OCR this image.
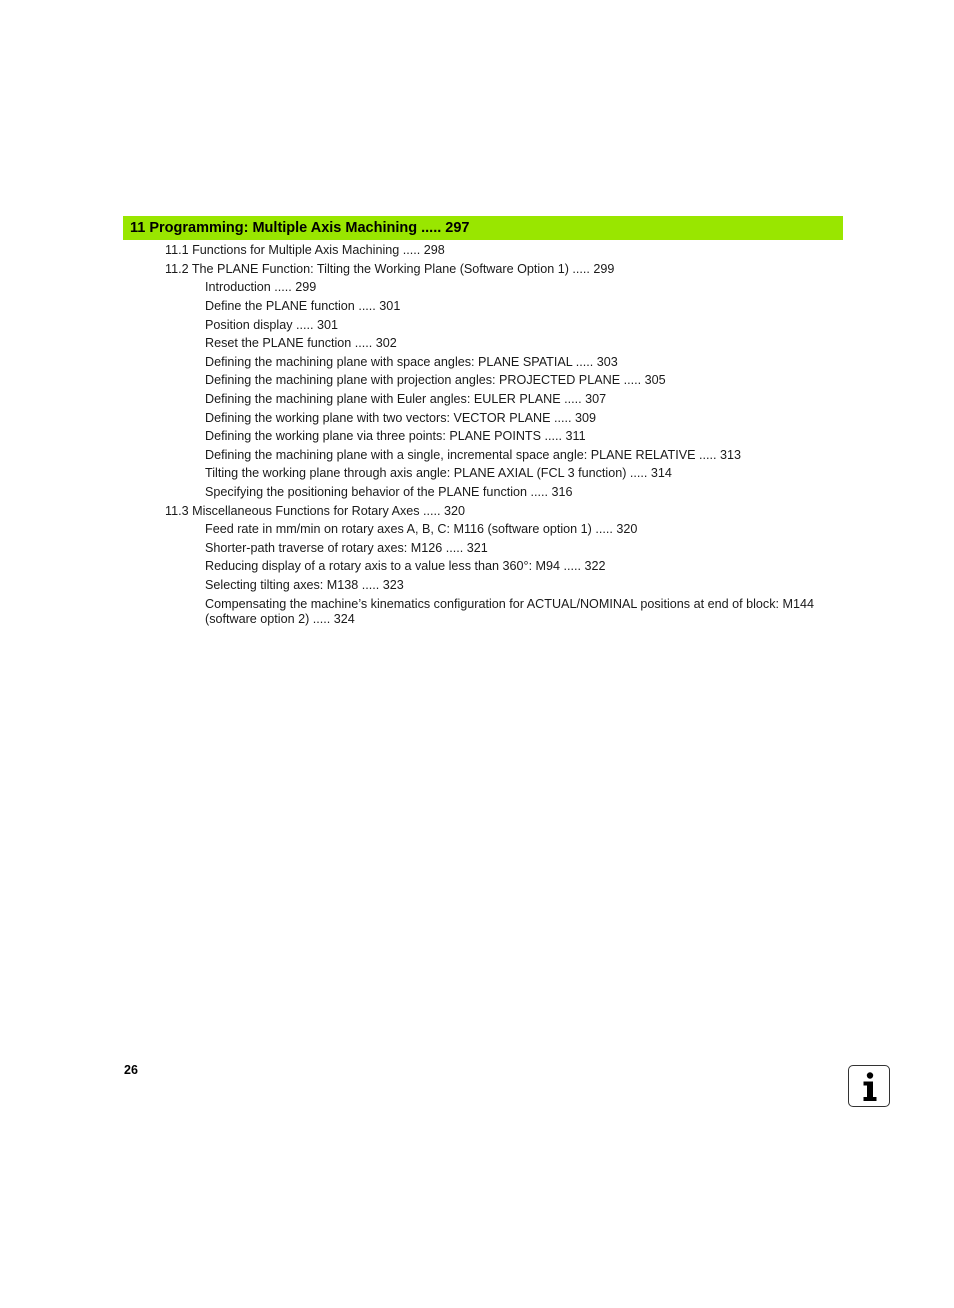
11 Programming: Multiple Axis Machining ..... 297
11.1 Functions for Multiple Axis Machining ..... 298
11.2 The PLANE Function: Tilting the Working Plane (Software Option 1) ..... 299
Introduction ..... 299
Define the PLANE function ..... 301
Position display ..... 301
Reset the PLANE function ..... 302
Defining the machining plane with space angles: PLANE SPATIAL ..... 303
Defining the machining plane with projection angles: PROJECTED PLANE ..... 305
Defining the machining plane with Euler angles: EULER PLANE ..... 307
Defining the working plane with two vectors: VECTOR PLANE ..... 309
Defining the working plane via three points: PLANE POINTS ..... 311
Defining the machining plane with a single, incremental space angle: PLANE RELATIVE ..... 313
Tilting the working plane through axis angle: PLANE AXIAL (FCL 3 function) ..... 314
Specifying the positioning behavior of the PLANE function ..... 316
11.3 Miscellaneous Functions for Rotary Axes ..... 320
Feed rate in mm/min on rotary axes A, B, C: M116 (software option 1) ..... 320
Shorter-path traverse of rotary axes: M126 ..... 321
Reducing display of a rotary axis to a value less than 360°: M94 ..... 322
Selecting tilting axes: M138 ..... 323
Compensating the machine’s kinematics configuration for ACTUAL/NOMINAL positions at end of block: M144
(software option 2) ..... 324
26
